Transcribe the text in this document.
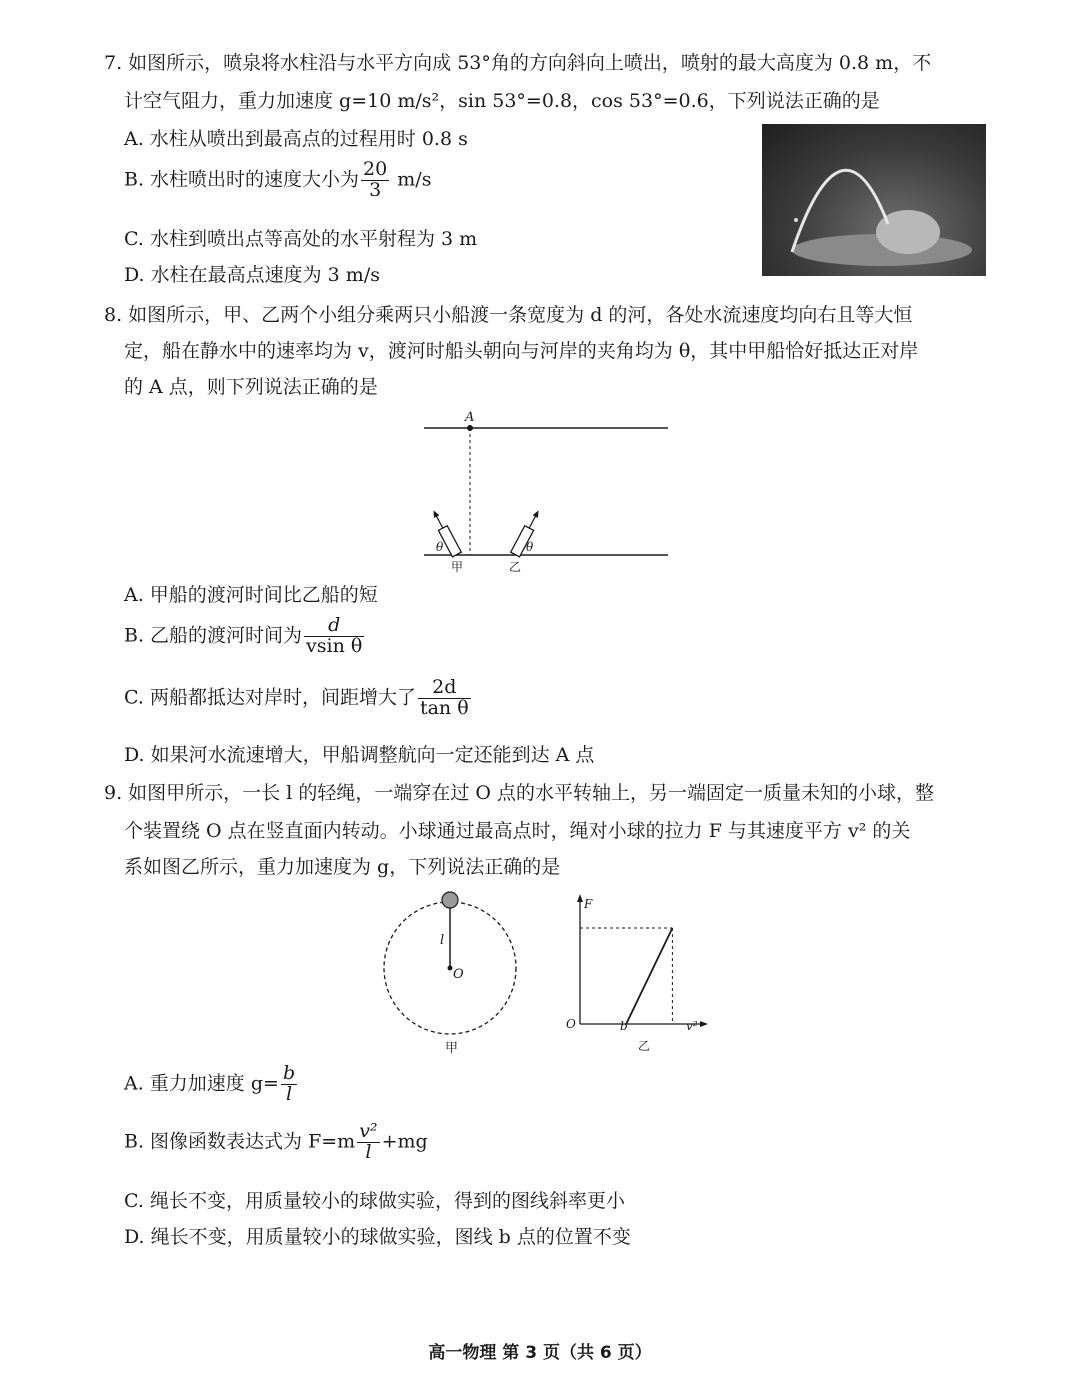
7. 如图所示，喷泉将水柱沿与水平方向成 53°角的方向斜向上喷出，喷射的最大高度为 0.8 m，不
计空气阻力，重力加速度 g=10 m/s²，sin 53°=0.8，cos 53°=0.6，下列说法正确的是
A. 水柱从喷出到最高点的过程用时 0.8 s
B. 水柱喷出时的速度大小为 $\frac{20}{3} m/s$
C. 水柱到喷出点等高处的水平射程为 3 m
D. 水柱在最高点速度为 3 m/s
8. 如图所示，甲、乙两个小组分乘两只小船渡一条宽度为 d 的河，各处水流速度均向右且等大恒
定，船在静水中的速率均为 v，渡河时船头朝向与河岸的夹角均为 θ，其中甲船恰好抵达正对岸
的 A 点，则下列说法正确的是
A
θ	θ
甲	乙
A. 甲船的渡河时间比乙船的短
B. 乙船的渡河时间为 $\frac{d}{\text{vsin θ}}$
C. 两船都抵达对岸时，间距增大了 $\frac{2d}{\text{tan θ}}$
D. 如果河水流速增大，甲船调整航向一定还能到达 A 点
9. 如图甲所示，一长 l 的轻绳，一端穿在过 O 点的水平转轴上，另一端固定一质量未知的小球，整
个装置绕 O 点在竖直面内转动。小球通过最高点时，绳对小球的拉力 F 与其速度平方 v² 的关
系如图乙所示，重力加速度为 g，下列说法正确的是
l
O
甲
F
O	b	v²
乙
A. 重力加速度 $g= \frac{b}{l}$
B. 图像函数表达式为 $F=m \frac{\text{v²}}{l} +mg$
C. 绳长不变，用质量较小的球做实验，得到的图线斜率更小
D. 绳长不变，用质量较小的球做实验，图线 b 点的位置不变
高一物理 第 3 页（共 6 页）
